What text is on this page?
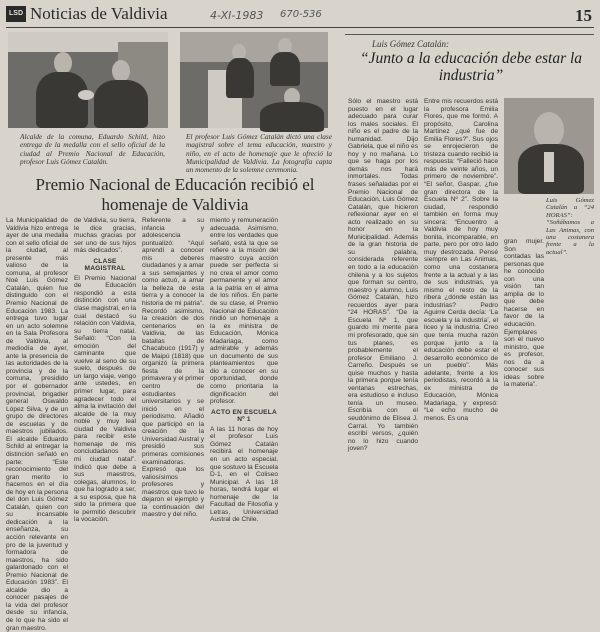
LSD Noticias de Valdivia	4-XI-1983 670-536	15
Alcalde de la comuna, Eduardo Schild, hizo entrega de la medalla con el sello oficial de la ciudad al Premio Nacional de Educación, profesor Luis Gómez Catalán.
El profesor Luis Gómez Catalán dictó una clase magistral sobre el tema educación, maestro y niño, en el acto de homenaje que le ofreció la Municipalidad de Valdivia. La fotografía capta un momento de la solemne ceremonia.
Premio Nacional de Educación recibió el homenaje de Valdivia
La Municipalidad de Valdivia hizo entrega ayer de una medalla con el sello oficial de la ciudad, al presente más valioso de la comuna, al profesor Noé Luis Gómez Catalán, quien fue distinguido con el Premio Nacional de Educación 1983. La entrega tuvo lugar en un acto solemne en la Sala Profesora de Valdivia, al mediodía de ayer, ante la presencia de las autoridades de la provincia y de la comuna, presidido por el gobernador provincial, brigadier general Oswaldo López Silva, y de un grupo de directores de escuelas y de maestros jubilados. El alcalde Eduardo Schild al entregar la distinción señaló en parte: “Este reconocimiento del gran merito lo hacemos en el día de hoy en la persona del don Luis Gómez Catalán, quien con su incansable dedicación a la enseñanza, su acción relevante en pro de la juventud y formadora de maestros, ha sido galardonado con el Premio Nacional de Educación 1983”. El alcalde dio a conocer pasajes de la vida del profesor desde su infancia, de lo que ha sido el gran maestro.
de Valdivia, su tierra, le dice gracias, muchas gracias por ser uno de sus hijos más dedicados”.
CLASE MAGISTRAL
El Premio Nacional de Educación respondió a esta distinción con una clase magistral, en la cual destacó su relación con Valdivia, su tierra natal. Señaló: “Con la emoción del caminante que vuelve al seno de su suelo, después de un largo viaje, vengo ante ustedes, en primer lugar, para agradecer todo el alma la invitación del alcalde de la muy noble y muy leal ciudad de Valdivia para recibir este homenaje de mis conciudadanos de mi ciudad natal”. Indicó que debe a sus maestros, colegas, alumnos, lo que ha logrado a ser, a su esposa, que ha sido la primera que le permitió descubrir la vocación.
Referente a su infancia y adolescencia puntualizó: “Aquí aprendí a conocer mis deberes ciudadanos y a amar a sus semejantes y como actuó, a amar la belleza de esta tierra y a conocer la historia de mi patria”. Recordó asimismo, la creación de dos centenarios en Valdivia, de las batallas de Chacabuco (1917) y de Maipú (1818) que organizó la primera fiesta de la primavera y el primer centro de estudiantes universitarios y se inició en el periodismo. Añadió que participó en la creación de la Universidad Austral y presidió sus primeras comisiones examinadoras. Expresó que los valiosísimos profesores y maestros que tuvo le dejaron el ejemplo y la continuación del maestro y del niño.
miento y remuneración adecuada. Asimismo, entre los verdades que señaló, está la que se refiere a la misión del maestro cuya acción puede ser perfecta si no crea el amor como permanente y el amor a la patria en el alma de los niños. En parte de su clase, el Premio Nacional de Educación rindió un homenaje a la ex ministra de Educación, Mónica Madariaga, como admirable y además un documento de sus planteamientos que dio a conocer en su oportunidad, donde como prioritaria la dignificación del profesor.
ACTO EN ESCUELA Nº 1
A las 11 horas de hoy el profesor Luis Gómez Catalán recibirá el homenaje en un acto especial, que sostuvo la Escuela D-1, en el Coliseo Municipal. A las 18 horas, tendrá lugar el homenaje de la Facultad de Filosofía y Letras, Universidad Austral de Chile.
Luis Gómez Catalán:
“Junto a la educación debe estar la industria”
Sólo el maestro está puesto en el lugar adecuado para curar los males sociales. El niño es el padre de la humanidad. Dijo Gabriela, que el niño es hoy y no mañana. Lo que se haga por los demás nos hará inmortales. Todas frases señaladas por el Premio Nacional de Educación, Luis Gómez Catalán, que hicieron reflexionar ayer en el acto realizado en su honor en la Municipalidad. Además de la gran historia de su palabra, considerada referente en todo a la educación chilena y a los sujetos que forman su centro, maestro y alumno, Luis Gómez Catalán, hizo recuerdos ayer para “24 HORAS”. “De la Escuela Nº 1, que guardo mi mente para mi profesorado, que sin tus planes, es probablemente el profesor Emiliano J. Carreño. Después se quise muchos y hasta la primera porque tenía ventanas estrechas, era estudioso e incluso tenía un museo. Escribía con el seudónimo de Elisea J. Carral. Yo también escribí versos, ¿quién no lo hizo cuando joven?
Entre mis recuerdos está la profesora Emilia Flores, que me formó. A propósito, Carolina Martínez ¿qué fue de Emilia Flores?”. Sus ojos se enrojecieron de tristeza cuando recibió la respuesta: “Falleció hace más de veinte años, un primero de noviembre”. “El señor, Gaspar, ¿fue gran directora de la Escuela Nº 2”. Sobre la ciudad, respondió también en forma muy sincera: “Encuentro a Valdivia de hoy muy bonita, incomparable, en parte, pero por otro lado muy destrozada. Pensé siempre en Las Animas, como una costanera frente a la actual y a las de sus industrias, ya mismo el resto de la ribera ¿dónde están las industrias? Pedro Aguirre Cerda decía: ‘La escuela y la industria’, el liceo y la industria. Creo que tenía mucha razón porque junto a la educación debe estar el desarrollo económico de un pueblo”. Más adelante, frente a los periodistas, recordó a la ex ministra de Educación, Mónica Madariaga, y expresó: “Le echo mucho de menos. Es una
Luis Gómez Catalán a “24 HORAS”: “Soñábamos a Las Animas, con una costanera frente a la actual”.
gran mujer. Son contadas las personas que he conocido con una visión tan amplia de lo que debe hacerse en favor de la educación. Ejemplares son el nuevo ministro, que es profesor, nos da a conocer sus ideas sobre la materia”.
